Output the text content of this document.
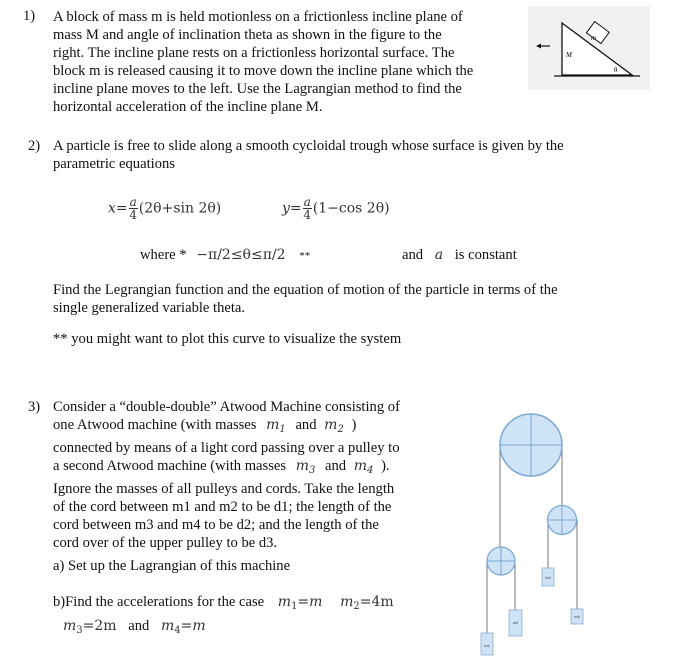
1) A block of mass m is held motionless on a frictionless incline plane of
mass M and angle of inclination theta as shown in the figure to the
right. The incline plane rests on a frictionless horizontal surface. The
block m is released causing it to move down the incline plane which the
incline plane moves to the left. Use the Lagrangian method to find the
horizontal acceleration of the incline plane M.
m
M
θ
2) A particle is free to slide along a smooth cycloidal trough whose surface is given by the
parametric equations
$x= \frac{a}{4} (2\theta+\sin$ 2θ)	$y= \frac{a}{4} (1-\cos$ 2θ)
where * −π/2≤θ≤π/2 **	and a is constant
Find the Legrangian function and the equation of motion of the particle in terms of the
single generalized variable theta.
** you might want to plot this curve to visualize the system
3) Consider a “double-double” Atwood Machine consisting of
one Atwood machine (with masses $m_1$ and $m_2$ )
connected by means of a light cord passing over a pulley to
a second Atwood machine (with masses $m_3$ and $m_4$ ).
Ignore the masses of all pulleys and cords. Take the length
of the cord between m1 and m2 to be d1; the length of the
cord between m3 and m4 to be d2; and the length of the
cord over of the upper pulley to be d3.
a) Set up the Lagrangian of this machine
b)Find the accelerations for the case $m_1=m$ $m_2=4m$
$m_3=2m$ and $m_4=m$
m1
m2
m3
m4
